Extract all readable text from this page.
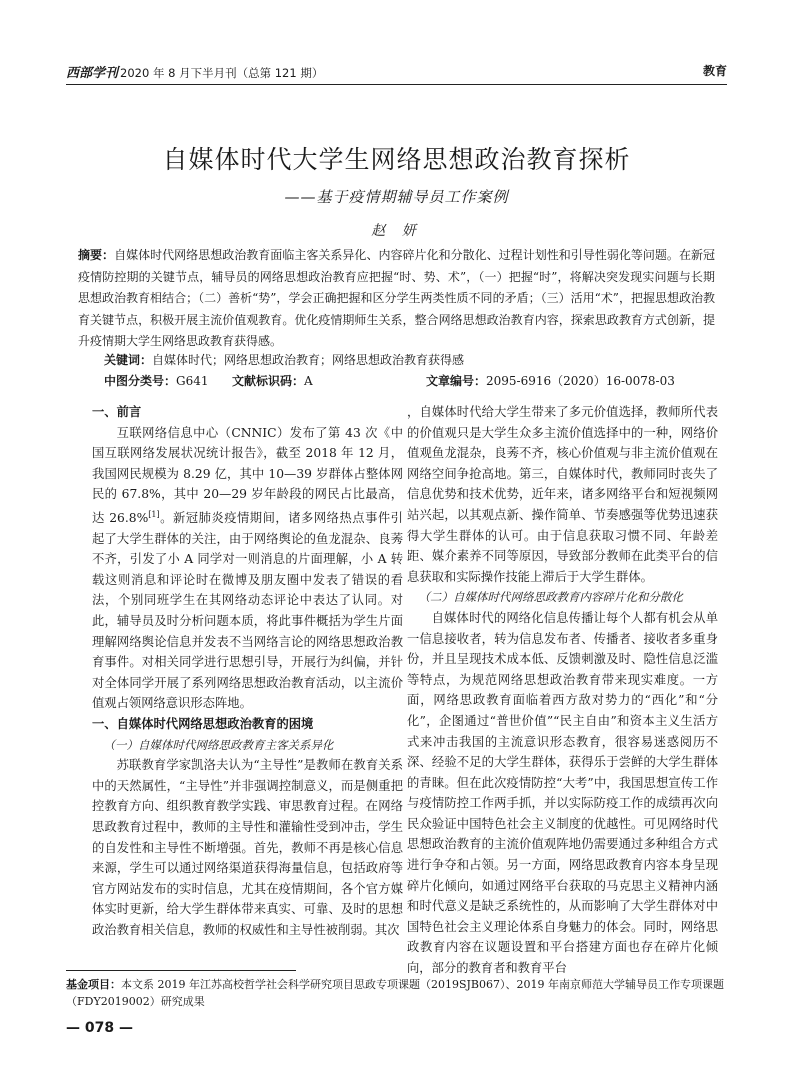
西部学刊 2020 年 8 月下半月刊（总第 121 期）	教育
​
自媒体时代大学生网络思想政治教育探析
——基于疫情期辅导员工作案例
赵 妍
摘要：自媒体时代网络思想政治教育面临主客关系异化、内容碎片化和分散化、过程计划性和引导性弱化等问题。在新冠疫情防控期的关键节点，辅导员的网络思想政治教育应把握“时、势、术”，（一）把握“时”，将解决突发现实问题与长期思想政治教育相结合；（二）善析“势”，学会正确把握和区分学生两类性质不同的矛盾；（三）活用“术”，把握思想政治教育关键节点，积极开展主流价值观教育。优化疫情期师生关系，整合网络思想政治教育内容，探索思政教育方式创新，提升疫情期大学生网络思政教育获得感。
关键词：自媒体时代；网络思想政治教育；网络思想政治教育获得感
中图分类号： G641 文献标识码： A	文章编号： 2095-6916（2020）16-0078-03

一、前言

互联网络信息中心（CNNIC）发布了第 43 次《中国互联网络发展状况统计报告》，截至 2018 年 12 月，我国网民规模为 8.29 亿，其中 10—39 岁群体占整体网民的 67.8%，其中 20—29 岁年龄段的网民占比最高，达 26.8%[1]。新冠肺炎疫情期间，诸多网络热点事件引起了大学生群体的关注，由于网络舆论的鱼龙混杂、良莠不齐，引发了小 A 同学对一则消息的片面理解，小 A 转载这则消息和评论时在微博及朋友圈中发表了错误的看法，个别同班学生在其网络动态评论中表达了认同。对此，辅导员及时分析问题本质，将此事件概括为学生片面理解网络舆论信息并发表不当网络言论的网络思想政治教育事件。对相关同学进行思想引导，开展行为纠偏，并针对全体同学开展了系列网络思想政治教育活动，以主流价值观占领网络意识形态阵地。

一、自媒体时代网络思想政治教育的困境

（一）自媒体时代网络思政教育主客关系异化

苏联教育学家凯洛夫认为“主导性”是教师在教育关系中的天然属性，“主导性”并非强调控制意义，而是侧重把控教育方向、组织教育教学实践、审思教育过程。在网络思政教育过程中，教师的主导性和灌输性受到冲击，学生的自发性和主导性不断增强。首先，教师不再是核心信息来源，学生可以通过网络渠道获得海量信息，包括政府等官方网站发布的实时信息，尤其在疫情期间，各个官方媒体实时更新，给大学生群体带来真实、可靠、及时的思想政治教育相关信息，教师的权威性和主导性被削弱。其次

，自媒体时代给大学生带来了多元价值选择，教师所代表的价值观只是大学生众多主流价值选择中的一种，网络价值观鱼龙混杂，良莠不齐，核心价值观与非主流价值观在网络空间争抢高地。第三，自媒体时代，教师同时丧失了信息优势和技术优势，近年来，诸多网络平台和短视频网站兴起，以其观点新、操作简单、节奏感强等优势迅速获得大学生群体的认可。由于信息获取习惯不同、年龄差距、媒介素养不同等原因，导致部分教师在此类平台的信息获取和实际操作技能上滞后于大学生群体。

（二）自媒体时代网络思政教育内容碎片化和分散化

自媒体时代的网络化信息传播让每个人都有机会从单一信息接收者，转为信息发布者、传播者、接收者多重身份，并且呈现技术成本低、反馈刺激及时、隐性信息泛滥等特点，为规范网络思想政治教育带来现实难度。一方面，网络思政教育面临着西方敌对势力的“西化”和“分化”，企图通过“普世价值”“民主自由”和资本主义生活方式来冲击我国的主流意识形态教育，很容易迷惑阅历不深、经验不足的大学生群体，获得乐于尝鲜的大学生群体的青睐。但在此次疫情防控“大考”中，我国思想宣传工作与疫情防控工作两手抓，并以实际防疫工作的成绩再次向民众验证中国特色社会主义制度的优越性。可见网络时代思想政治教育的主流价值观阵地仍需要通过多种组合方式进行争夺和占领。另一方面，网络思政教育内容本身呈现碎片化倾向，如通过网络平台获取的马克思主义精神内涵和时代意义是缺乏系统性的，从而影响了大学生群体对中国特色社会主义理论体系自身魅力的体会。同时，网络思政教育内容在议题设置和平台搭建方面也存在碎片化倾向，部分的教育者和教育平台

基金项目：本文系 2019 年江苏高校哲学社会科学研究项目思政专项课题（2019SJB067）、2019 年南京师范大学辅导员工作专项课题（FDY2019002）研究成果
— 078 —
